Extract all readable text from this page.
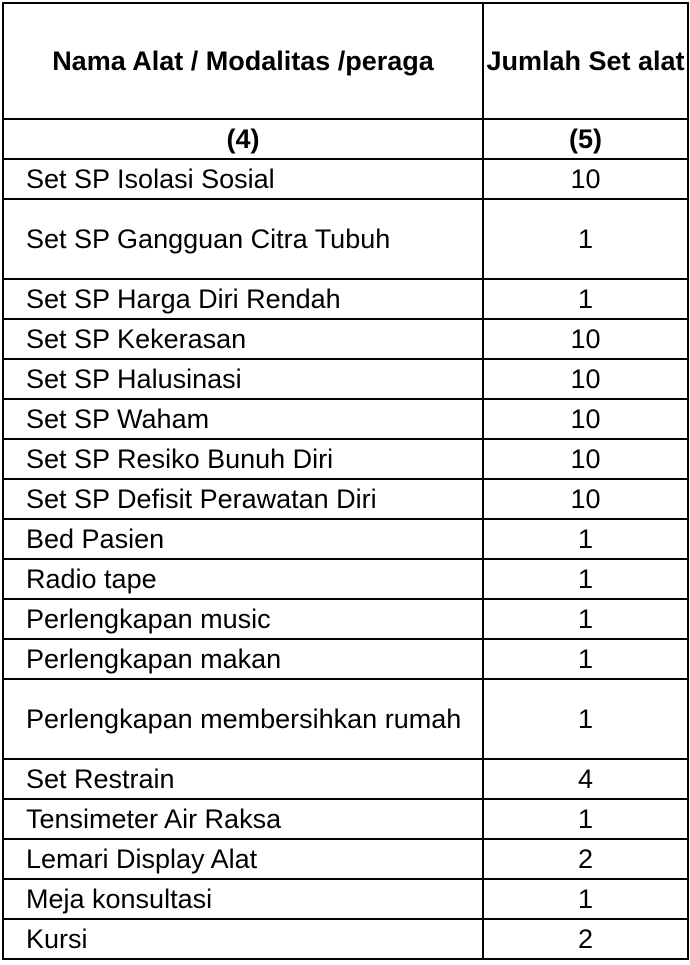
Nama Alat / Modalitas /peraga	Jumlah Set alat
(4)	(5)
Set SP Isolasi Sosial	10
Set SP Gangguan Citra Tubuh	1
Set SP Harga Diri Rendah	1
Set SP Kekerasan	10
Set SP Halusinasi	10
Set SP Waham	10
Set SP Resiko Bunuh Diri	10
Set SP Defisit Perawatan Diri	10
Bed Pasien	1
Radio tape	1
Perlengkapan music	1
Perlengkapan makan	1
Perlengkapan membersihkan rumah	1
Set Restrain	4
Tensimeter Air Raksa	1
Lemari Display Alat	2
Meja konsultasi	1
Kursi	2
